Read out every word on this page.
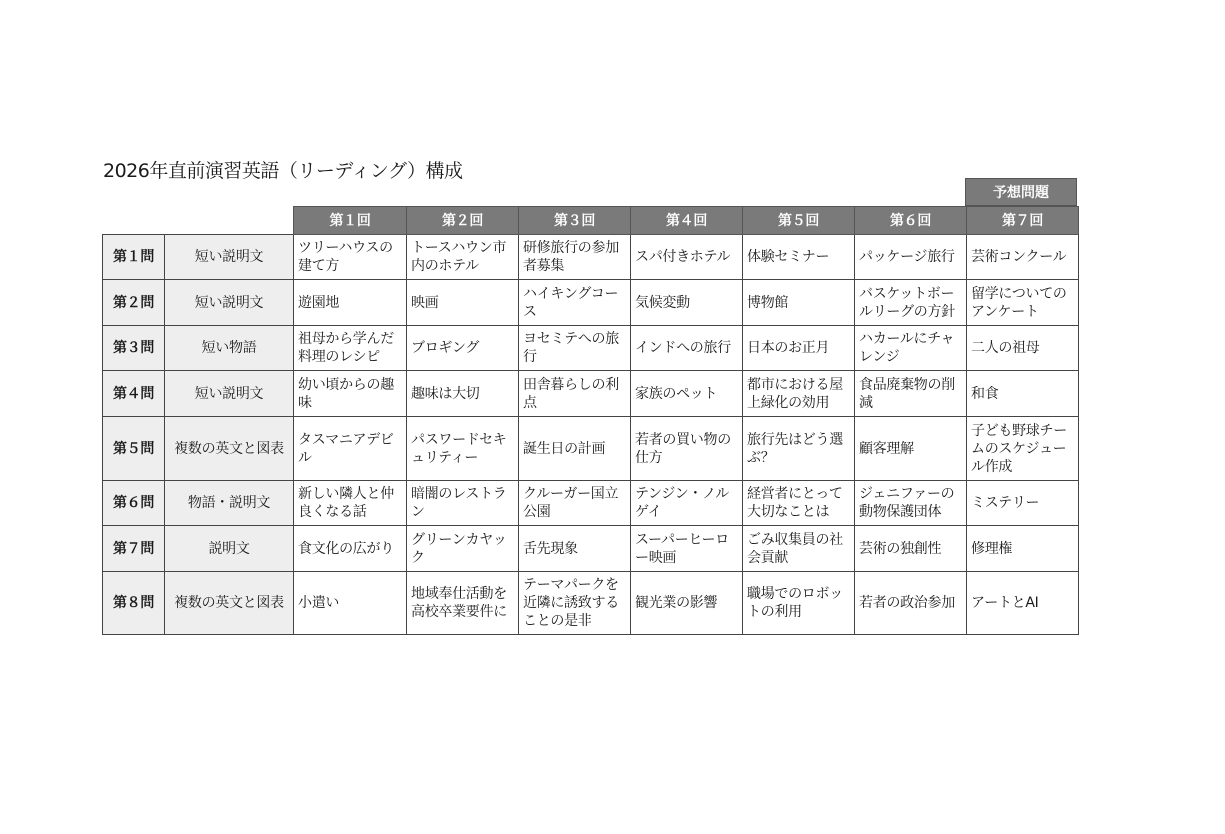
2026年直前演習英語（リーディング）構成
予想問題
		第１回	第２回	第３回	第４回	第５回	第６回	第７回
第１問	短い説明文	ツリーハウスの建て方	トースハウン市内のホテル	研修旅行の参加者募集	スパ付きホテル	体験セミナー	パッケージ旅行	芸術コンクール
第２問	短い説明文	遊園地	映画	ハイキングコース	気候変動	博物館	バスケットボールリーグの方針	留学についてのアンケート
第３問	短い物語	祖母から学んだ料理のレシピ	ブロギング	ヨセミテへの旅行	インドへの旅行	日本のお正月	ハカールにチャレンジ	二人の祖母
第４問	短い説明文	幼い頃からの趣味	趣味は大切	田舎暮らしの利点	家族のペット	都市における屋上緑化の効用	食品廃棄物の削減	和食
第５問	複数の英文と図表	タスマニアデビル	パスワードセキュリティー	誕生日の計画	若者の買い物の仕方	旅行先はどう選ぶ？	顧客理解	子ども野球チームのスケジュール作成
第６問	物語・説明文	新しい隣人と仲良くなる話	暗闇のレストラン	クルーガー国立公園	テンジン・ノルゲイ	経営者にとって大切なことは	ジェニファーの動物保護団体	ミステリー
第７問	説明文	食文化の広がり	グリーンカヤック	舌先現象	スーパーヒーロー映画	ごみ収集員の社会貢献	芸術の独創性	修理権
第８問	複数の英文と図表	小遣い	地域奉仕活動を高校卒業要件に	テーマパークを近隣に誘致することの是非	観光業の影響	職場でのロボットの利用	若者の政治参加	アートとAI
